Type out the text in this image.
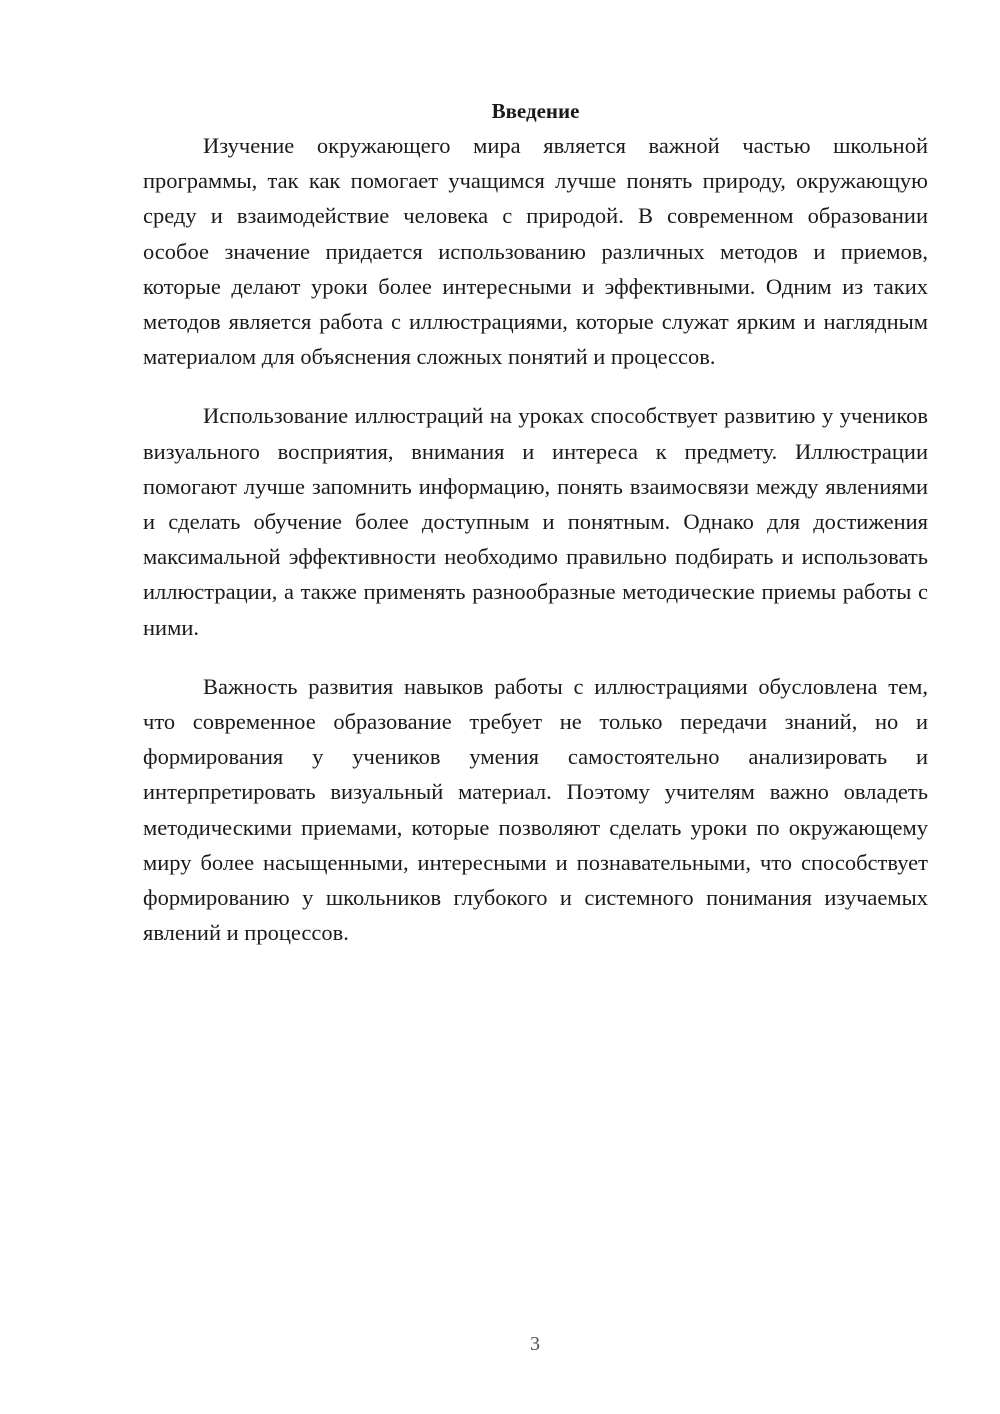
Введение

Изучение окружающего мира является важной частью школьной программы, так как помогает учащимся лучше понять природу, окружающую среду и взаимодействие человека с природой. В современном образовании особое значение придается использованию различных методов и приемов, которые делают уроки более интересными и эффективными. Одним из таких методов является работа с иллюстрациями, которые служат ярким и наглядным материалом для объяснения сложных понятий и процессов.

Использование иллюстраций на уроках способствует развитию у учеников визуального восприятия, внимания и интереса к предмету. Иллюстрации помогают лучше запомнить информацию, понять взаимосвязи между явлениями и сделать обучение более доступным и понятным. Однако для достижения максимальной эффективности необходимо правильно подбирать и использовать иллюстрации, а также применять разнообразные методические приемы работы с ними.

Важность развития навыков работы с иллюстрациями обусловлена тем, что современное образование требует не только передачи знаний, но и формирования у учеников умения самостоятельно анализировать и интерпретировать визуальный материал. Поэтому учителям важно овладеть методическими приемами, которые позволяют сделать уроки по окружающему миру более насыщенными, интересными и познавательными, что способствует формированию у школьников глубокого и системного понимания изучаемых явлений и процессов.

3
